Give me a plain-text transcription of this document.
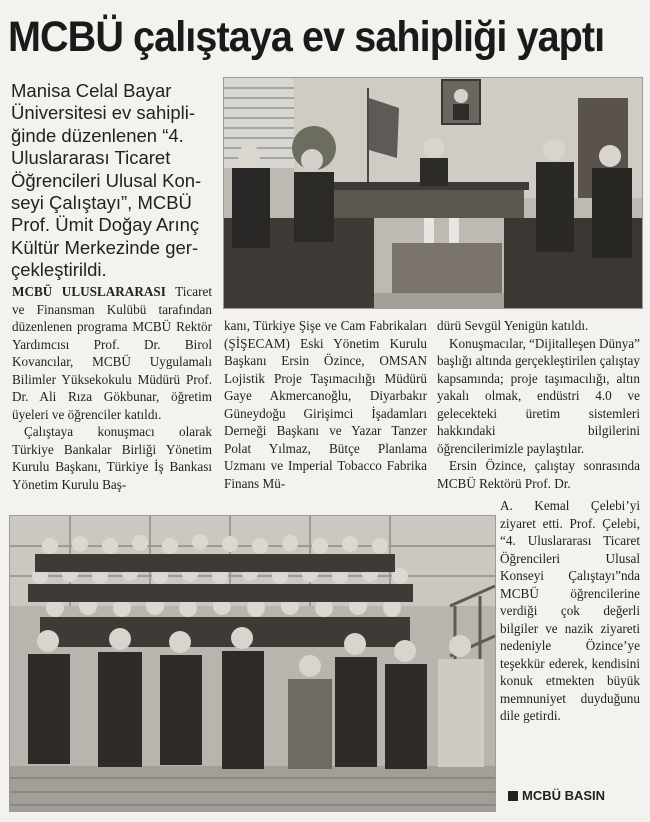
MCBÜ çalıştaya ev sahipliği yaptı

Manisa Celal Bayar

Üniversitesi ev sahipli-

ğinde düzenlenen “4.

Uluslararası Ticaret

Öğrencileri Ulusal Kon-

seyi Çalıştayı”, MCBÜ

Prof. Ümit Doğay Arınç

Kültür Merkezinde ger-

çekleştirildi.

MCBÜ ULUSLARARASI Ticaret ve Finansman Kulübü tarafından düzenlenen programa MCBÜ Rektör Yardımcısı Prof. Dr. Birol Kovancılar, MCBÜ Uygulamalı Bilimler Yüksekokulu Müdürü Prof. Dr. Ali Rıza Gökbunar, öğretim üyeleri ve öğrenciler katıldı.

Çalıştaya konuşmacı olarak Türkiye Bankalar Birliği Yönetim Kurulu Başkanı, Türkiye İş Bankası Yönetim Kurulu Baş-

kanı, Türkiye Şişe ve Cam Fabrikaları (ŞİŞECAM) Eski Yönetim Kurulu Başkanı Ersin Özince, OMSAN Lojistik Proje Taşımacılığı Müdürü Gaye Akmercanoğlu, Diyarbakır Güneydoğu Girişimci İşadamları Derneği Başkanı ve Yazar Tanzer Polat Yılmaz, Bütçe Planlama Uzmanı ve Imperial Tobacco Fabrika Finans Mü-

dürü Sevgül Yenigün katıldı.

Konuşmacılar, “Dijitalleşen Dünya” başlığı altında gerçekleştirilen çalıştay kapsamında; proje taşımacılığı, altın yakalı olmak, endüstri 4.0 ve gelecekteki üretim sistemleri hakkındaki bilgilerini öğrencilerimizle paylaştılar.

Ersin Özince, çalıştay sonrasında MCBÜ Rektörü Prof. Dr.

A. Kemal Çelebi’yi ziyaret etti. Prof. Çelebi, “4. Uluslararası Ticaret Öğrencileri Ulusal Konseyi Çalıştayı”nda MCBÜ öğrencilerine verdiği çok değerli bilgiler ve nazik ziyareti nedeniyle Özince’ye teşekkür ederek, kendisini konuk etmekten büyük memnuniyet duyduğunu dile getirdi.

MCBÜ BASIN
